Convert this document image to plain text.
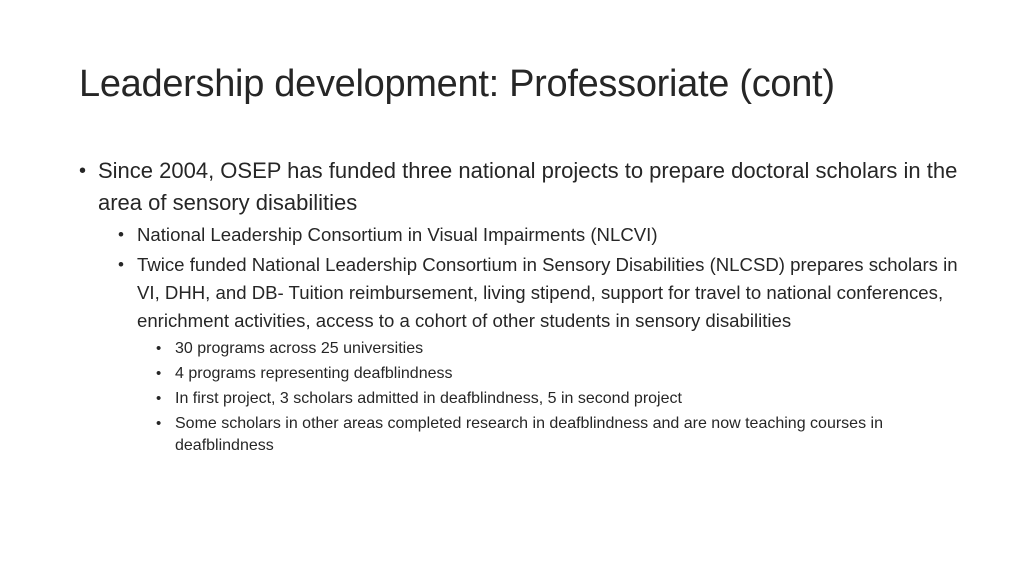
Leadership development: Professoriate (cont)
• Since 2004, OSEP has funded three national projects to prepare doctoral scholars in the area of sensory disabilities
• National Leadership Consortium in Visual Impairments (NLCVI)
• Twice funded National Leadership Consortium in Sensory Disabilities (NLCSD) prepares scholars in VI, DHH, and DB- Tuition reimbursement, living stipend, support for travel to national conferences, enrichment activities, access to a cohort of other students in sensory disabilities
• 30 programs across 25 universities
• 4 programs representing deafblindness
• In first project, 3 scholars admitted in deafblindness, 5 in second project
• Some scholars in other areas completed research in deafblindness and are now teaching courses in deafblindness
